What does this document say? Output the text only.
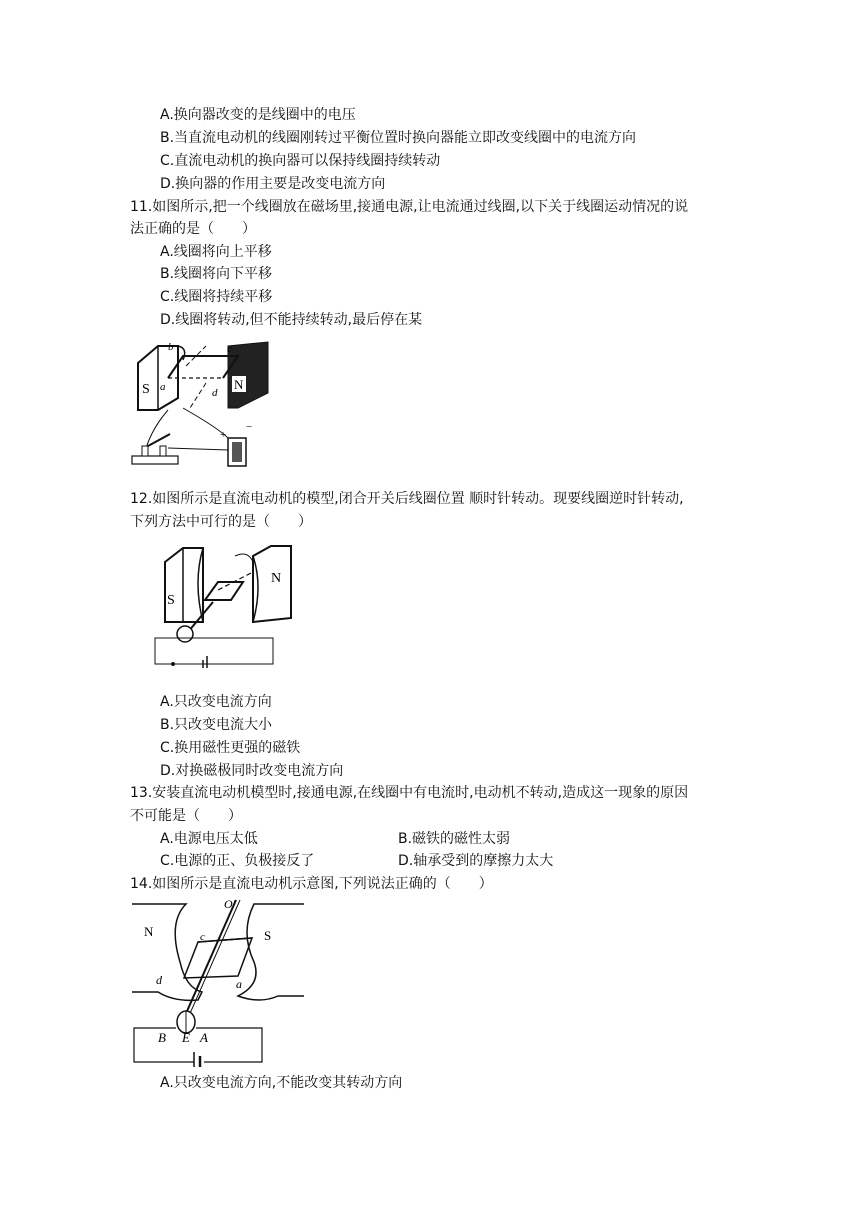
A.换向器改变的是线圈中的电压
B.当直流电动机的线圈刚转过平衡位置时换向器能立即改变线圈中的电流方向
C.直流电动机的换向器可以保持线圈持续转动
D.换向器的作用主要是改变电流方向
11.如图所示,把一个线圈放在磁场里,接通电源,让电流通过线圈,以下关于线圈运动情况的说
法正确的是（　　）
A.线圈将向上平移
B.线圈将向下平移
C.线圈将持续平移
D.线圈将转动,但不能持续转动,最后停在某
S	N
b	c
a	d
+
−
12.如图所示是直流电动机的模型,闭合开关后线圈位置 顺时针转动。现要线圈逆时针转动,
下列方法中可行的是（　　）
S
N
A.只改变电流方向
B.只改变电流大小
C.换用磁性更强的磁铁
D.对换磁极同时改变电流方向
13.安装直流电动机模型时,接通电源,在线圈中有电流时,电动机不转动,造成这一现象的原因
不可能是（　　）
A.电源电压太低	B.磁铁的磁性太弱
C.电源的正、负极接反了	D.轴承受到的摩擦力太大
14.如图所示是直流电动机示意图,下列说法正确的（　　）
N	S
O′
c
d	a
B E A
A.只改变电流方向,不能改变其转动方向
